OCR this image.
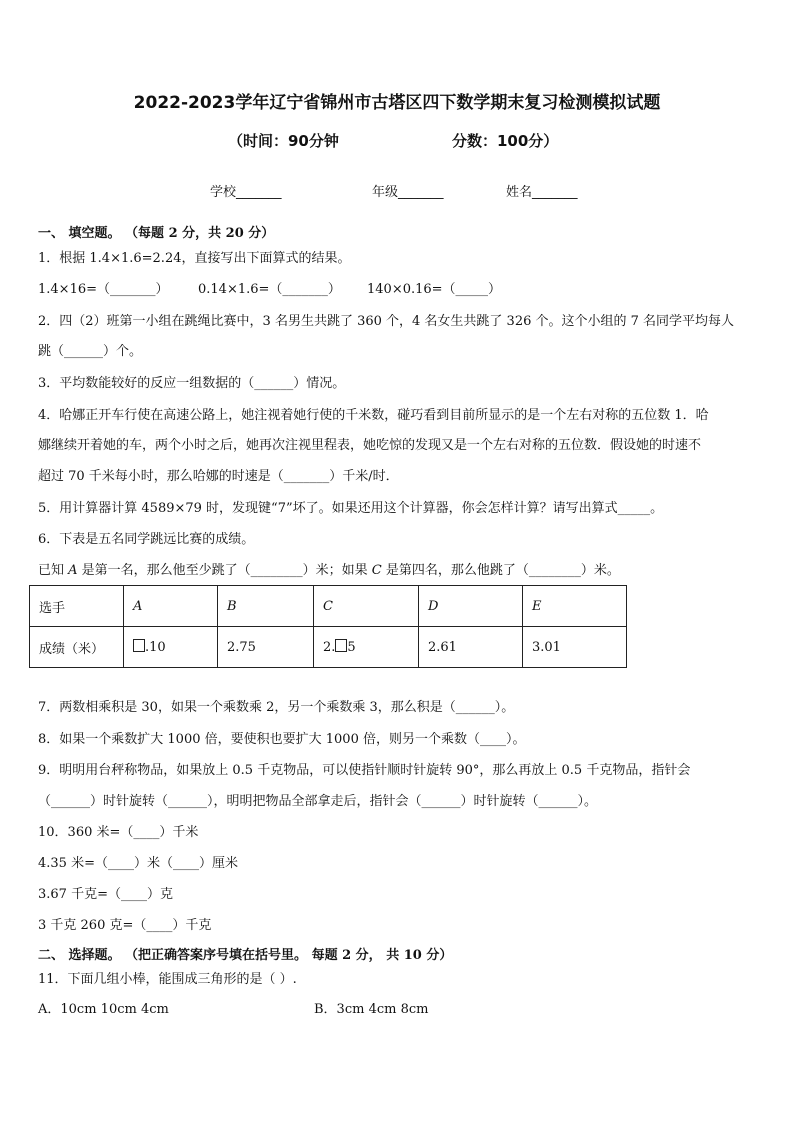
2022-2023学年辽宁省锦州市古塔区四下数学期末复习检测模拟试题
（时间：90分钟	分数：100分）
学校_______	年级_______	姓名_______
一、 填空题。 （每题 2 分，共 20 分）
1．根据 1.4×1.6=2.24，直接写出下面算式的结果。
1.4×16=（_______） 0.14×1.6=（_______） 140×0.16=（_____）
2．四（2）班第一小组在跳绳比赛中，3 名男生共跳了 360 个，4 名女生共跳了 326 个。这个小组的 7 名同学平均每人
跳（______）个。
3．平均数能较好的反应一组数据的（______）情况。
4．哈娜正开车行使在高速公路上，她注视着她行使的千米数，碰巧看到目前所显示的是一个左右对称的五位数 1．哈
娜继续开着她的车，两个小时之后，她再次注视里程表，她吃惊的发现又是一个左右对称的五位数．假设她的时速不
超过 70 千米每小时，那么哈娜的时速是（_______）千米/时．
5．用计算器计算 4589×79 时，发现键“7”坏了。如果还用这个计算器，你会怎样计算？请写出算式_____。
6．下表是五名同学跳远比赛的成绩。
已知 A 是第一名，那么他至少跳了（________）米；如果 C 是第四名，那么他跳了（________）米。
选手	A	B	C	D	E
成绩（米）	.10	2.75	2. 5	2.61	3.01
7．两数相乘积是 30，如果一个乘数乘 2，另一个乘数乘 3，那么积是（______）。
8．如果一个乘数扩大 1000 倍，要使积也要扩大 1000 倍，则另一个乘数（____）。
9．明明用台秤称物品，如果放上 0.5 千克物品，可以使指针顺时针旋转 90°，那么再放上 0.5 千克物品，指针会
（______）时针旋转（______），明明把物品全部拿走后，指针会（______）时针旋转（______）。
10．360 米=（____）千米
4.35 米=（____）米（____）厘米
3.67 千克=（____）克
3 千克 260 克=（____）千克
二、 选择题。 （把正确答案序号填在括号里。 每题 2 分， 共 10 分）
11．下面几组小棒，能围成三角形的是（ ）.
A．10cm 10cm 4cm	B．3cm 4cm 8cm
